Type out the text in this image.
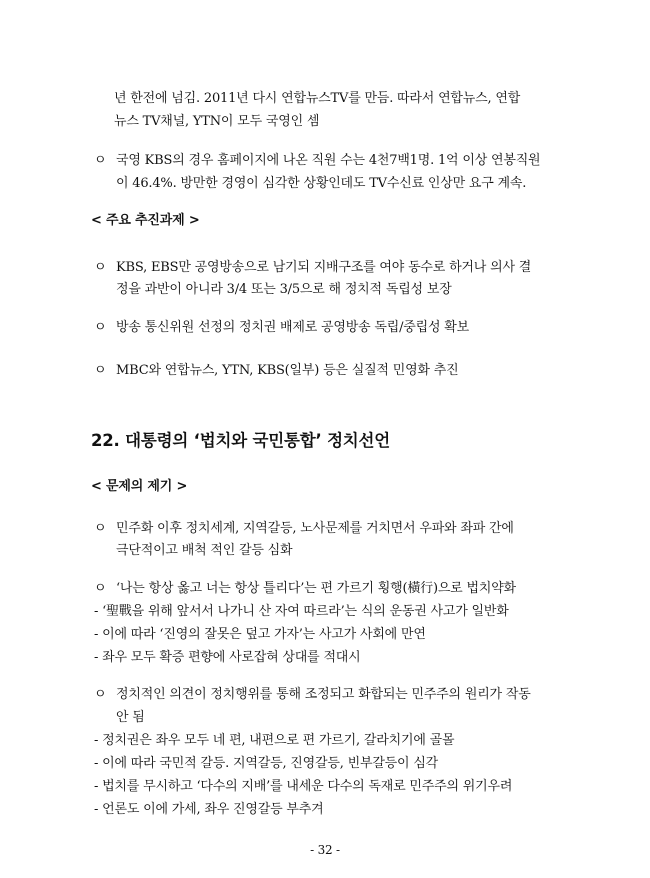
년 한전에 넘김. 2011년 다시 연합뉴스TV를 만듬. 따라서 연합뉴스, 연합
뉴스 TV채널, YTN이 모두 국영인 셈
ㅇ 국영 KBS의 경우 홈페이지에 나온 직원 수는 4천7백1명. 1억 이상 연봉직원
이 46.4%. 방만한 경영이 심각한 상황인데도 TV수신료 인상만 요구 계속.
< 주요 추진과제 >
ㅇ KBS, EBS만 공영방송으로 남기되 지배구조를 여야 동수로 하거나 의사 결
정을 과반이 아니라 3/4 또는 3/5으로 해 정치적 독립성 보장
ㅇ 방송 통신위원 선정의 정치권 배제로 공영방송 독립/중립성 확보
ㅇ MBC와 연합뉴스, YTN, KBS(일부) 등은 실질적 민영화 추진
22. 대통령의 ‘법치와 국민통합’ 정치선언
< 문제의 제기 >
ㅇ 민주화 이후 정치세계, 지역갈등, 노사문제를 거치면서 우파와 좌파 간에
극단적이고 배척 적인 갈등 심화
ㅇ ‘나는 항상 옳고 너는 항상 틀리다’는 편 가르기 횡행(橫行)으로 법치약화
- ‘聖戰을 위해 앞서서 나가니 산 자여 따르라’는 식의 운동권 사고가 일반화
- 이에 따라 ‘진영의 잘못은 덮고 가자’는 사고가 사회에 만연
- 좌우 모두 확증 편향에 사로잡혀 상대를 적대시
ㅇ 정치적인 의견이 정치행위를 통해 조정되고 화합되는 민주주의 원리가 작동
안 됨
- 정치권은 좌우 모두 네 편, 내편으로 편 가르기, 갈라치기에 골몰
- 이에 따라 국민적 갈등. 지역갈등, 진영갈등, 빈부갈등이 심각
- 법치를 무시하고 ‘다수의 지배’를 내세운 다수의 독재로 민주주의 위기우려
- 언론도 이에 가세, 좌우 진영갈등 부추겨
- 32 -
